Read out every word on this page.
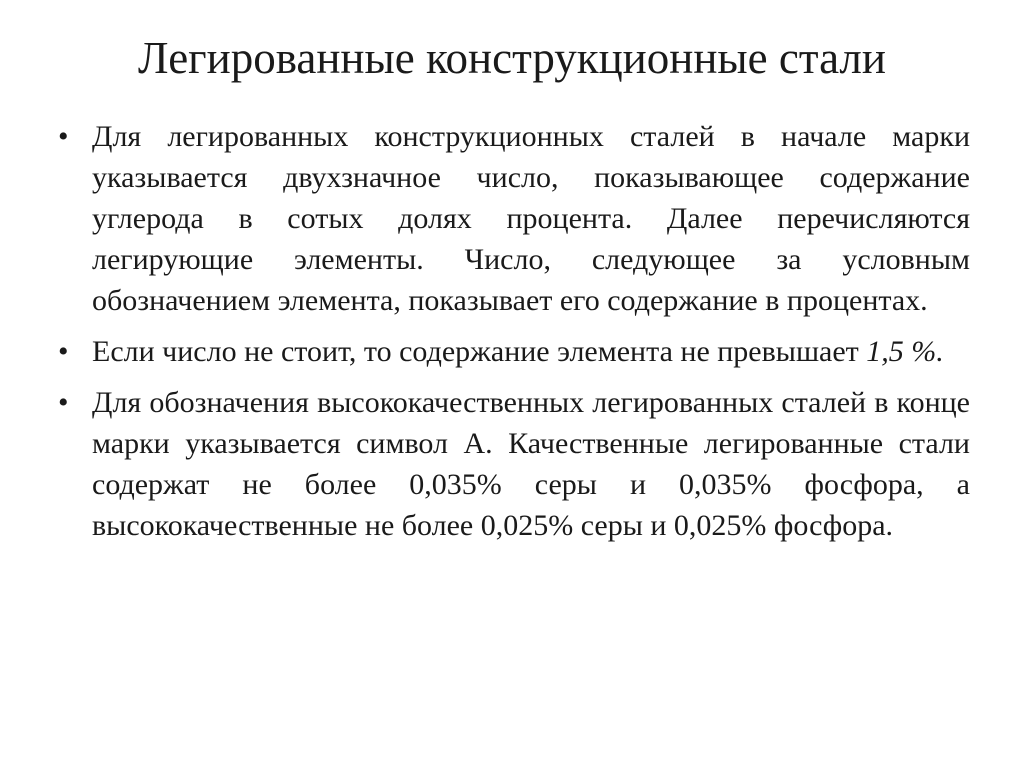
Легированные конструкционные стали
• Для легированных конструкционных сталей в начале марки указывается двухзначное число, показывающее содержание углерода в сотых долях процента. Далее перечисляются легирующие элементы. Число, следующее за условным обозначением элемента, показывает его содержание в процентах.
• Если число не стоит, то содержание элемента не превышает 1,5 %.
• Для обозначения высококачественных легированных сталей в конце марки указывается символ А. Качественные легированные стали содержат не более 0,035% серы и 0,035% фосфора, а высококачественные не более 0,025% серы и 0,025% фосфора.
